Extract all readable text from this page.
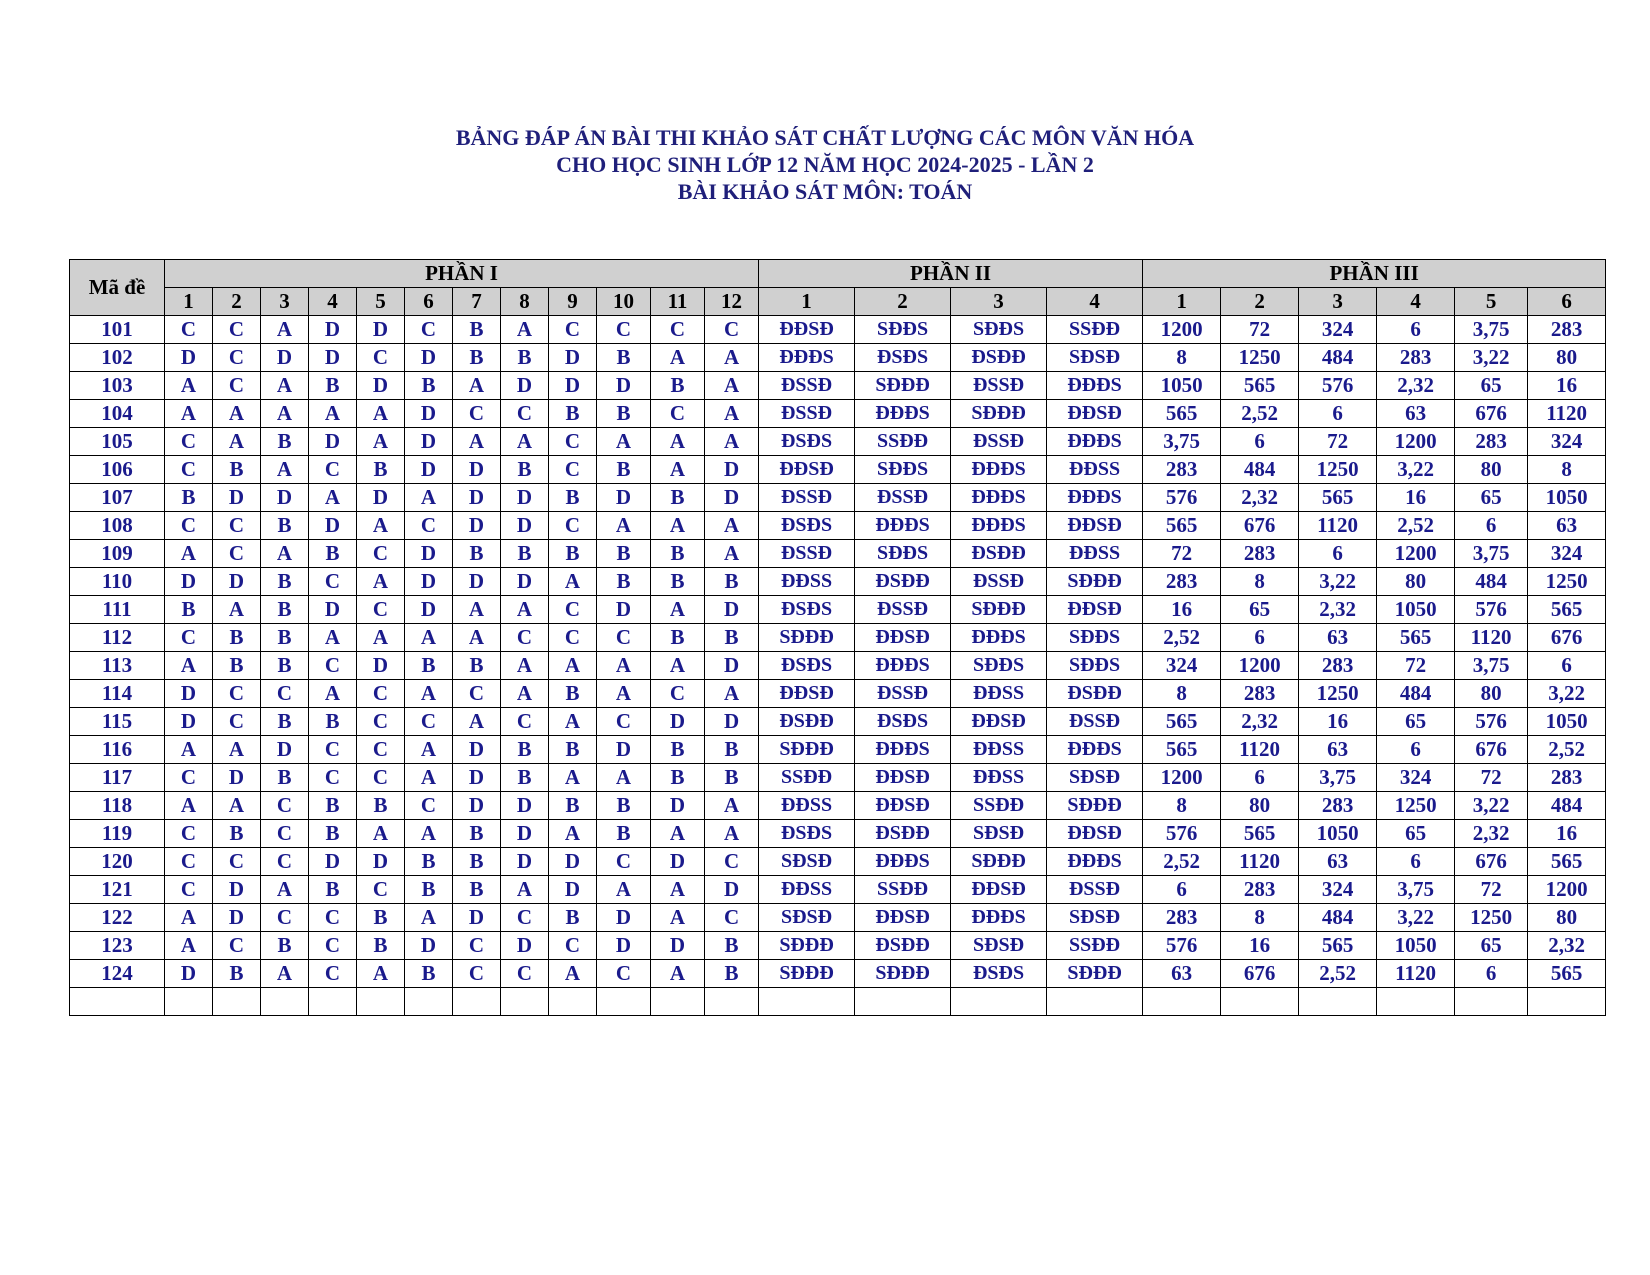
BẢNG ĐÁP ÁN BÀI THI KHẢO SÁT CHẤT LƯỢNG CÁC MÔN VĂN HÓA
CHO HỌC SINH LỚP 12 NĂM HỌC 2024-2025 - LẦN 2
BÀI KHẢO SÁT MÔN: TOÁN
Mã đề	PHẦN I												PHẦN II				PHẦN III					
	1	2	3	4	5	6	7	8	9	10	11	12	1	2	3	4	1	2	3	4	5	6
101	C	C	A	D	D	C	B	A	C	C	C	C	ĐĐSĐ	SĐĐS	SĐĐS	SSĐĐ	1200	72	324	6	3,75	283
102	D	C	D	D	C	D	B	B	D	B	A	A	ĐĐĐS	ĐSĐS	ĐSĐĐ	SĐSĐ	8	1250	484	283	3,22	80
103	A	C	A	B	D	B	A	D	D	D	B	A	ĐSSĐ	SĐĐĐ	ĐSSĐ	ĐĐĐS	1050	565	576	2,32	65	16
104	A	A	A	A	A	D	C	C	B	B	C	A	ĐSSĐ	ĐĐĐS	SĐĐĐ	ĐĐSĐ	565	2,52	6	63	676	1120
105	C	A	B	D	A	D	A	A	C	A	A	A	ĐSĐS	SSĐĐ	ĐSSĐ	ĐĐĐS	3,75	6	72	1200	283	324
106	C	B	A	C	B	D	D	B	C	B	A	D	ĐĐSĐ	SĐĐS	ĐĐĐS	ĐĐSS	283	484	1250	3,22	80	8
107	B	D	D	A	D	A	D	D	B	D	B	D	ĐSSĐ	ĐSSĐ	ĐĐĐS	ĐĐĐS	576	2,32	565	16	65	1050
108	C	C	B	D	A	C	D	D	C	A	A	A	ĐSĐS	ĐĐĐS	ĐĐĐS	ĐĐSĐ	565	676	1120	2,52	6	63
109	A	C	A	B	C	D	B	B	B	B	B	A	ĐSSĐ	SĐĐS	ĐSĐĐ	ĐĐSS	72	283	6	1200	3,75	324
110	D	D	B	C	A	D	D	D	A	B	B	B	ĐĐSS	ĐSĐĐ	ĐSSĐ	SĐĐĐ	283	8	3,22	80	484	1250
111	B	A	B	D	C	D	A	A	C	D	A	D	ĐSĐS	ĐSSĐ	SĐĐĐ	ĐĐSĐ	16	65	2,32	1050	576	565
112	C	B	B	A	A	A	A	C	C	C	B	B	SĐĐĐ	ĐĐSĐ	ĐĐĐS	SĐĐS	2,52	6	63	565	1120	676
113	A	B	B	C	D	B	B	A	A	A	A	D	ĐSĐS	ĐĐĐS	SĐĐS	SĐĐS	324	1200	283	72	3,75	6
114	D	C	C	A	C	A	C	A	B	A	C	A	ĐĐSĐ	ĐSSĐ	ĐĐSS	ĐSĐĐ	8	283	1250	484	80	3,22
115	D	C	B	B	C	C	A	C	A	C	D	D	ĐSĐĐ	ĐSĐS	ĐĐSĐ	ĐSSĐ	565	2,32	16	65	576	1050
116	A	A	D	C	C	A	D	B	B	D	B	B	SĐĐĐ	ĐĐĐS	ĐĐSS	ĐĐĐS	565	1120	63	6	676	2,52
117	C	D	B	C	C	A	D	B	A	A	B	B	SSĐĐ	ĐĐSĐ	ĐĐSS	SĐSĐ	1200	6	3,75	324	72	283
118	A	A	C	B	B	C	D	D	B	B	D	A	ĐĐSS	ĐĐSĐ	SSĐĐ	SĐĐĐ	8	80	283	1250	3,22	484
119	C	B	C	B	A	A	B	D	A	B	A	A	ĐSĐS	ĐSĐĐ	SĐSĐ	ĐĐSĐ	576	565	1050	65	2,32	16
120	C	C	C	D	D	B	B	D	D	C	D	C	SĐSĐ	ĐĐĐS	SĐĐĐ	ĐĐĐS	2,52	1120	63	6	676	565
121	C	D	A	B	C	B	B	A	D	A	A	D	ĐĐSS	SSĐĐ	ĐĐSĐ	ĐSSĐ	6	283	324	3,75	72	1200
122	A	D	C	C	B	A	D	C	B	D	A	C	SĐSĐ	ĐĐSĐ	ĐĐĐS	SĐSĐ	283	8	484	3,22	1250	80
123	A	C	B	C	B	D	C	D	C	D	D	B	SĐĐĐ	ĐSĐĐ	SĐSĐ	SSĐĐ	576	16	565	1050	65	2,32
124	D	B	A	C	A	B	C	C	A	C	A	B	SĐĐĐ	SĐĐĐ	ĐSĐS	SĐĐĐ	63	676	2,52	1120	6	565
